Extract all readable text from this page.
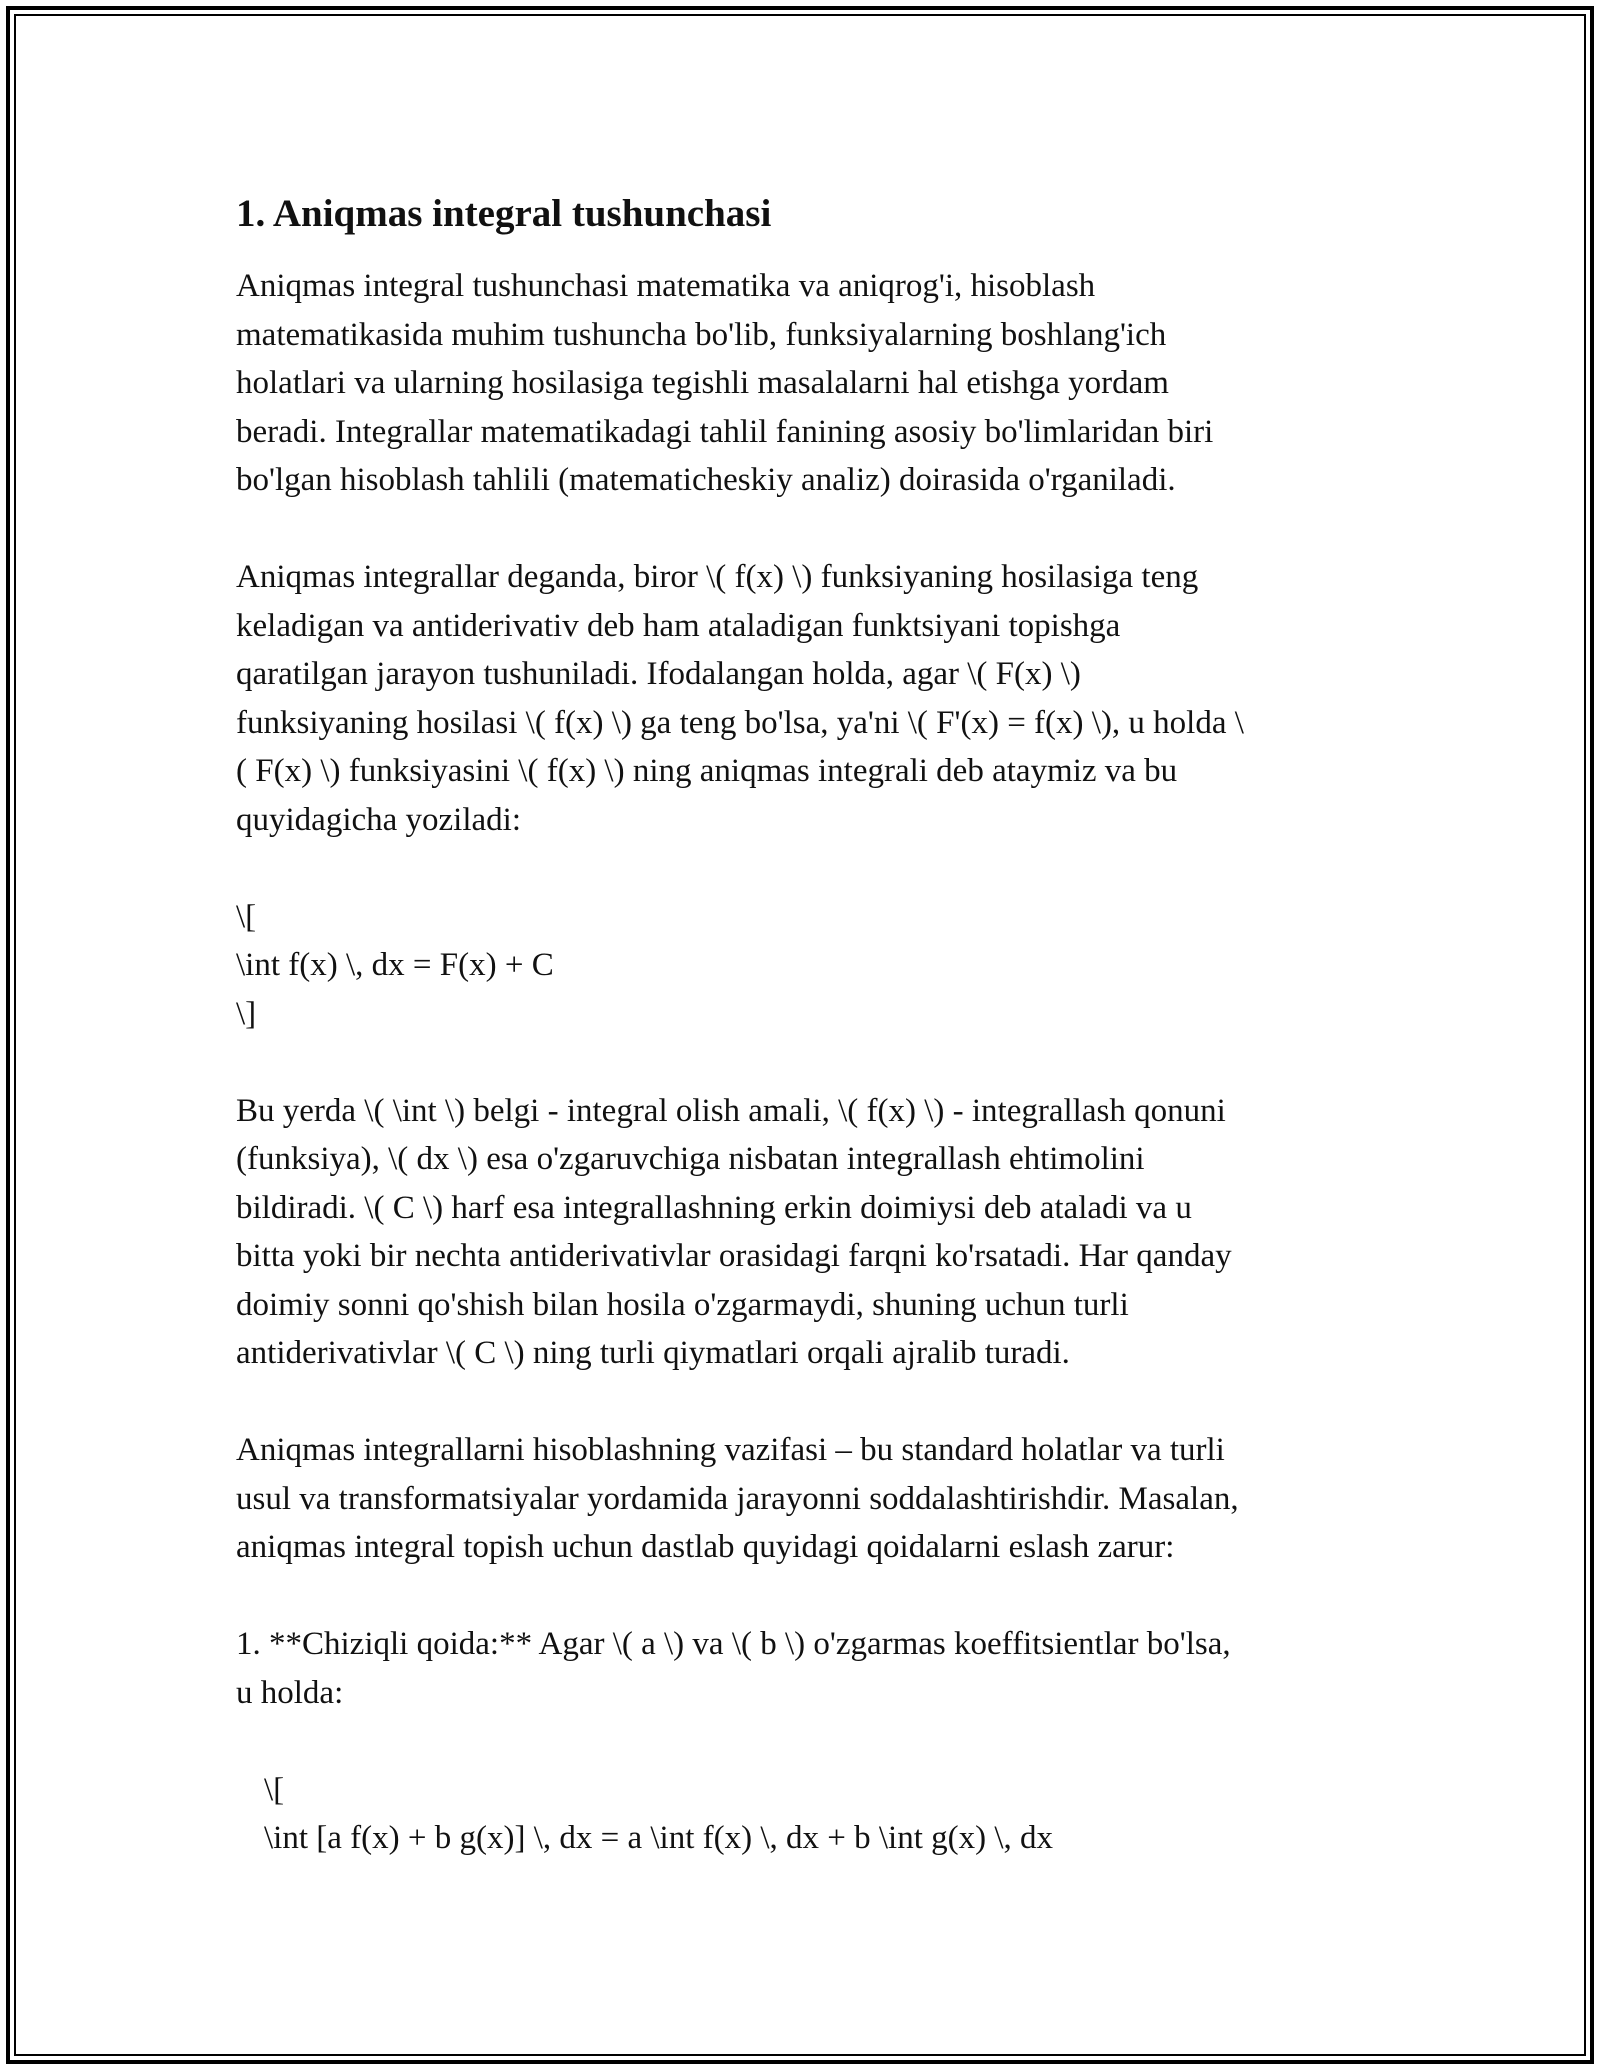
1. Aniqmas integral tushunchasi

Aniqmas integral tushunchasi matematika va aniqrog'i, hisoblash
matematikasida muhim tushuncha bo'lib, funksiyalarning boshlang'ich
holatlari va ularning hosilasiga tegishli masalalarni hal etishga yordam
beradi. Integrallar matematikadagi tahlil fanining asosiy bo'limlaridan biri
bo'lgan hisoblash tahlili (matematicheskiy analiz) doirasida o'rganiladi.

Aniqmas integrallar deganda, biror \( f(x) \) funksiyaning hosilasiga teng
keladigan va antiderivativ deb ham ataladigan funktsiyani topishga
qaratilgan jarayon tushuniladi. Ifodalangan holda, agar \( F(x) \)
funksiyaning hosilasi \( f(x) \) ga teng bo'lsa, ya'ni \( F'(x) = f(x) \), u holda \
( F(x) \) funksiyasini \( f(x) \) ning aniqmas integrali deb ataymiz va bu
quyidagicha yoziladi:

\[
\int f(x) \, dx = F(x) + C
\]

Bu yerda \( \int \) belgi - integral olish amali, \( f(x) \) - integrallash qonuni
(funksiya), \( dx \) esa o'zgaruvchiga nisbatan integrallash ehtimolini
bildiradi. \( C \) harf esa integrallashning erkin doimiysi deb ataladi va u
bitta yoki bir nechta antiderivativlar orasidagi farqni ko'rsatadi. Har qanday
doimiy sonni qo'shish bilan hosila o'zgarmaydi, shuning uchun turli
antiderivativlar \( C \) ning turli qiymatlari orqali ajralib turadi.

Aniqmas integrallarni hisoblashning vazifasi – bu standard holatlar va turli
usul va transformatsiyalar yordamida jarayonni soddalashtirishdir. Masalan,
aniqmas integral topish uchun dastlab quyidagi qoidalarni eslash zarur:

1. **Chiziqli qoida:** Agar \( a \) va \( b \) o'zgarmas koeffitsientlar bo'lsa,
u holda:

\[
\int [a f(x) + b g(x)] \, dx = a \int f(x) \, dx + b \int g(x) \, dx
